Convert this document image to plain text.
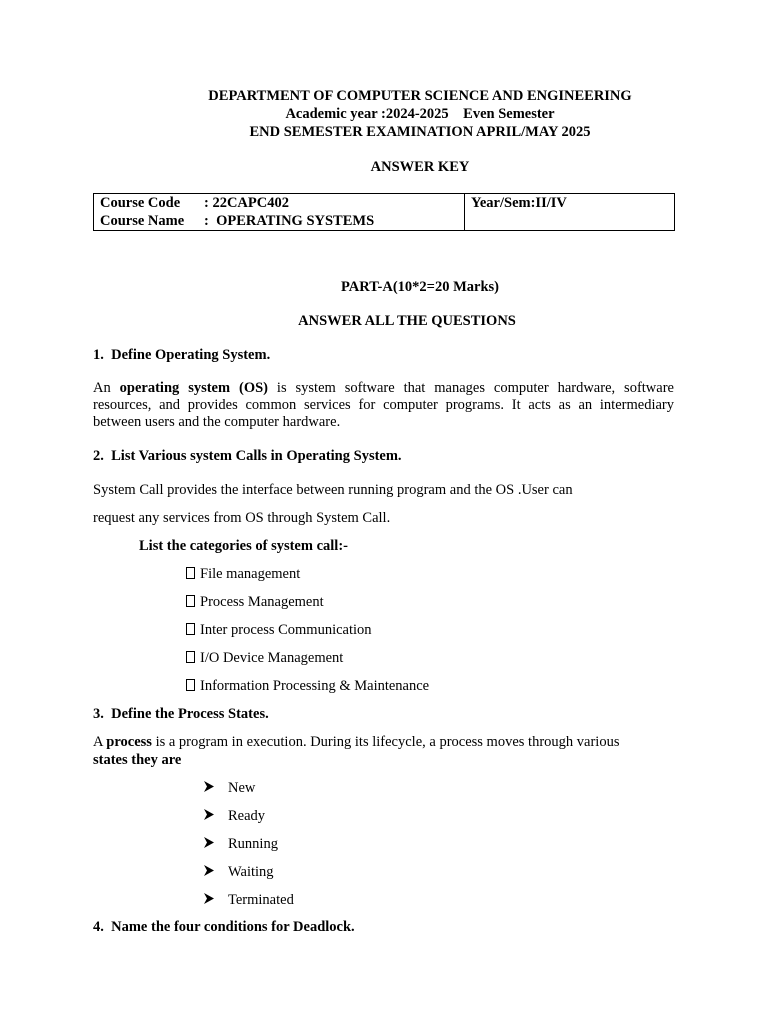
DEPARTMENT OF COMPUTER SCIENCE AND ENGINEERING
Academic year :2024-2025    Even Semester
END SEMESTER EXAMINATION APRIL/MAY 2025
ANSWER KEY
Course Code : 22CAPC402
Course Name :  OPERATING SYSTEMS
	Year/Sem:II/IV
PART-A(10*2=20 Marks)
ANSWER ALL THE QUESTIONS
1. Define Operating System.
An operating system (OS) is system software that manages computer hardware, software resources, and provides common services for computer programs. It acts as an intermediary between users and the computer hardware.
2. List Various system Calls in Operating System.
System Call provides the interface between running program and the OS .User can
request any services from OS through System Call.
List the categories of system call:-
File management
Process Management
Inter process Communication
I/O Device Management
Information Processing & Maintenance
3. Define the Process States.
A process is a program in execution. During its lifecycle, a process moves through various
states they are
New
Ready
Running
Waiting
Terminated
4. Name the four conditions for Deadlock.
